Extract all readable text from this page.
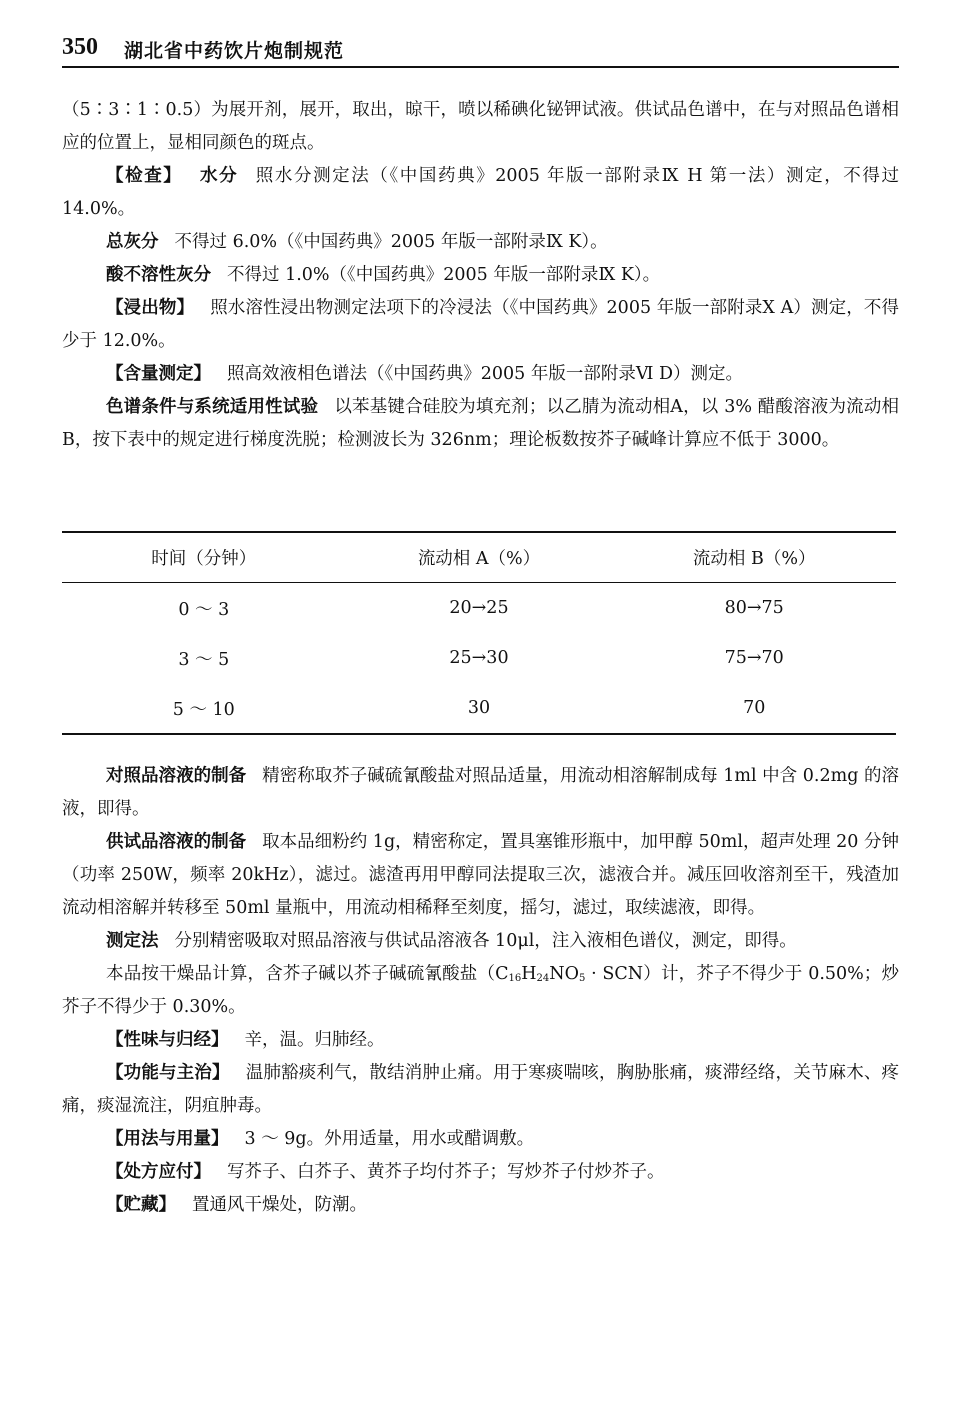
350 湖北省中药饮片炮制规范

（5∶3∶1∶0.5）为展开剂，展开，取出，晾干，喷以稀碘化铋钾试液。供试品色谱中，在与对照品色谱相应的位置上，显相同颜色的斑点。

【检查】 水分 照水分测定法（《中国药典》2005 年版一部附录Ⅸ H 第一法）测定，不得过 14.0%。

总灰分 不得过 6.0%（《中国药典》2005 年版一部附录Ⅸ K）。

酸不溶性灰分 不得过 1.0%（《中国药典》2005 年版一部附录Ⅸ K）。

【浸出物】 照水溶性浸出物测定法项下的冷浸法（《中国药典》2005 年版一部附录Ⅹ A）测定，不得少于 12.0%。

【含量测定】 照高效液相色谱法（《中国药典》2005 年版一部附录Ⅵ D）测定。

色谱条件与系统适用性试验 以苯基键合硅胶为填充剂；以乙腈为流动相A，以 3% 醋酸溶液为流动相 B，按下表中的规定进行梯度洗脱；检测波长为 326nm；理论板数按芥子碱峰计算应不低于 3000。

时间（分钟）	流动相 A（%）	流动相 B（%）
0 ～ 3	20→25	80→75
3 ～ 5	25→30	75→70
5 ～ 10	30	70

对照品溶液的制备 精密称取芥子碱硫氰酸盐对照品适量，用流动相溶解制成每 1ml 中含 0.2mg 的溶液，即得。

供试品溶液的制备 取本品细粉约 1g，精密称定，置具塞锥形瓶中，加甲醇 50ml，超声处理 20 分钟（功率 250W，频率 20kHz），滤过。滤渣再用甲醇同法提取三次，滤液合并。减压回收溶剂至干，残渣加流动相溶解并转移至 50ml 量瓶中，用流动相稀释至刻度，摇匀，滤过，取续滤液，即得。

测定法 分别精密吸取对照品溶液与供试品溶液各 10μl，注入液相色谱仪，测定，即得。

本品按干燥品计算，含芥子碱以芥子碱硫氰酸盐$(C_{16}H_{24}NO_5 \cdot SCN)$计，芥子不得少于 0.50%；炒芥子不得少于 0.30%。

【性味与归经】 辛，温。归肺经。

【功能与主治】 温肺豁痰利气，散结消肿止痛。用于寒痰喘咳，胸胁胀痛，痰滞经络，关节麻木、疼痛，痰湿流注，阴疽肿毒。

【用法与用量】 3 ～ 9g。外用适量，用水或醋调敷。

【处方应付】 写芥子、白芥子、黄芥子均付芥子；写炒芥子付炒芥子。

【贮藏】 置通风干燥处，防潮。
